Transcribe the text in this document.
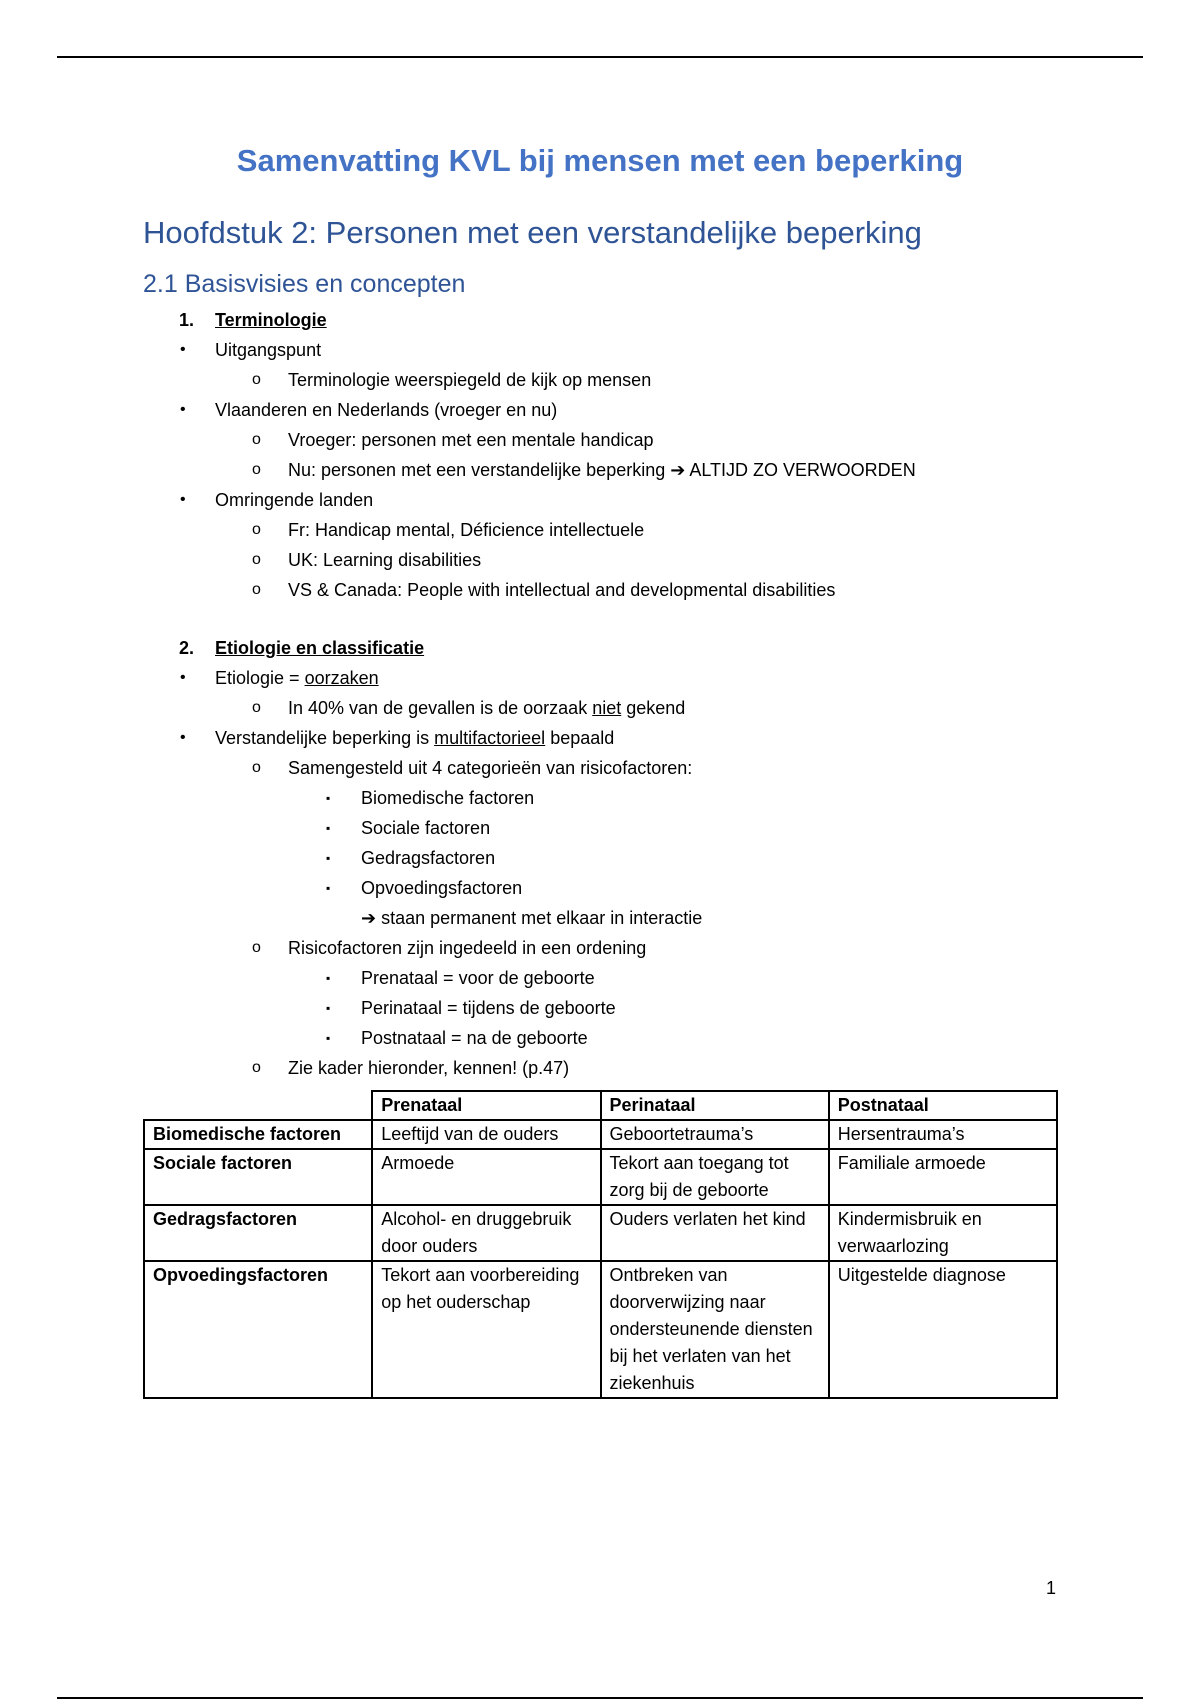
Samenvatting KVL bij mensen met een beperking
Hoofdstuk 2: Personen met een verstandelijke beperking
2.1 Basisvisies en concepten
1. Terminologie
• Uitgangspunt
o Terminologie weerspiegeld de kijk op mensen
• Vlaanderen en Nederlands (vroeger en nu)
o Vroeger: personen met een mentale handicap
o Nu: personen met een verstandelijke beperking ➔ ALTIJD ZO VERWOORDEN
• Omringende landen
o Fr: Handicap mental, Déficience intellectuele
o UK: Learning disabilities
o VS & Canada: People with intellectual and developmental disabilities
2. Etiologie en classificatie
• Etiologie = oorzaken
o In 40% van de gevallen is de oorzaak niet gekend
• Verstandelijke beperking is multifactorieel bepaald
o Samengesteld uit 4 categorieën van risicofactoren:
▪ Biomedische factoren
▪ Sociale factoren
▪ Gedragsfactoren
▪ Opvoedingsfactoren
➔ staan permanent met elkaar in interactie
o Risicofactoren zijn ingedeeld in een ordening
▪ Prenataal = voor de geboorte
▪ Perinataal = tijdens de geboorte
▪ Postnataal = na de geboorte
o Zie kader hieronder, kennen! (p.47)
	Prenataal	Perinataal	Postnataal
Biomedische factoren	Leeftijd van de ouders	Geboortetrauma’s	Hersentrauma’s
Sociale factoren	Armoede	Tekort aan toegang tot zorg bij de geboorte	Familiale armoede
Gedragsfactoren	Alcohol- en druggebruik door ouders	Ouders verlaten het kind	Kindermisbruik en verwaarlozing
Opvoedingsfactoren	Tekort aan voorbereiding op het ouderschap	Ontbreken van doorverwijzing naar ondersteunende diensten bij het verlaten van het ziekenhuis	Uitgestelde diagnose
1
